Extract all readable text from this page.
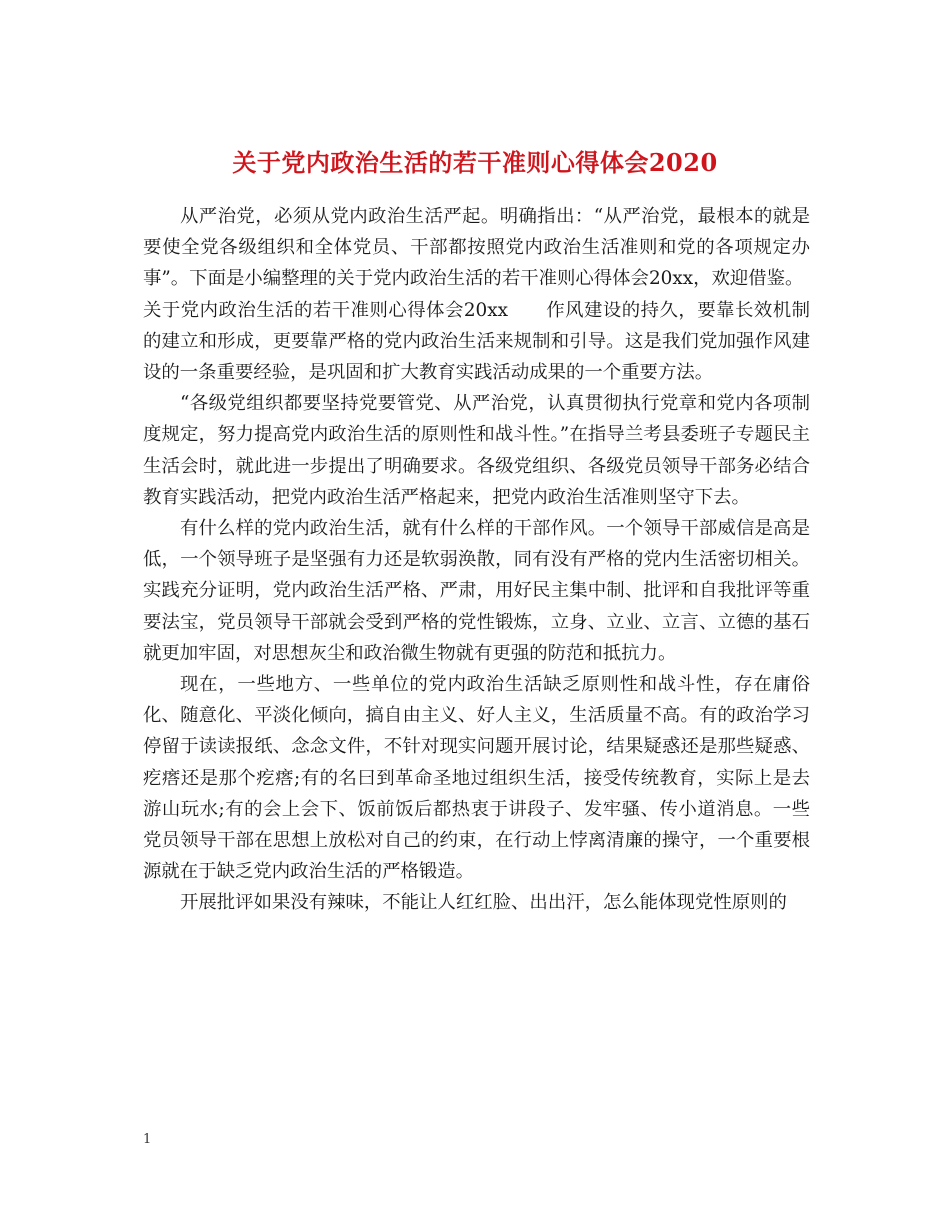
关于党内政治生活的若干准则心得体会2020

从严治党，必须从党内政治生活严起。明确指出：“从严治党，最根本的就是要使全党各级组织和全体党员、干部都按照党内政治生活准则和党的各项规定办事”。下面是小编整理的关于党内政治生活的若干准则心得体会20xx，欢迎借鉴。

关于党内政治生活的若干准则心得体会20xx　　作风建设的持久，要靠长效机制的建立和形成，更要靠严格的党内政治生活来规制和引导。这是我们党加强作风建设的一条重要经验，是巩固和扩大教育实践活动成果的一个重要方法。

“各级党组织都要坚持党要管党、从严治党，认真贯彻执行党章和党内各项制度规定，努力提高党内政治生活的原则性和战斗性。”在指导兰考县委班子专题民主生活会时，就此进一步提出了明确要求。各级党组织、各级党员领导干部务必结合教育实践活动，把党内政治生活严格起来，把党内政治生活准则坚守下去。

有什么样的党内政治生活，就有什么样的干部作风。一个领导干部威信是高是低，一个领导班子是坚强有力还是软弱涣散，同有没有严格的党内生活密切相关。实践充分证明，党内政治生活严格、严肃，用好民主集中制、批评和自我批评等重要法宝，党员领导干部就会受到严格的党性锻炼，立身、立业、立言、立德的基石就更加牢固，对思想灰尘和政治微生物就有更强的防范和抵抗力。

现在，一些地方、一些单位的党内政治生活缺乏原则性和战斗性，存在庸俗化、随意化、平淡化倾向，搞自由主义、好人主义，生活质量不高。有的政治学习停留于读读报纸、念念文件，不针对现实问题开展讨论，结果疑惑还是那些疑惑、疙瘩还是那个疙瘩;有的名曰到革命圣地过组织生活，接受传统教育，实际上是去游山玩水;有的会上会下、饭前饭后都热衷于讲段子、发牢骚、传小道消息。一些党员领导干部在思想上放松对自己的约束，在行动上悖离清廉的操守，一个重要根源就在于缺乏党内政治生活的严格锻造。

开展批评如果没有辣味，不能让人红红脸、出出汗，怎么能体现党性原则的

1
